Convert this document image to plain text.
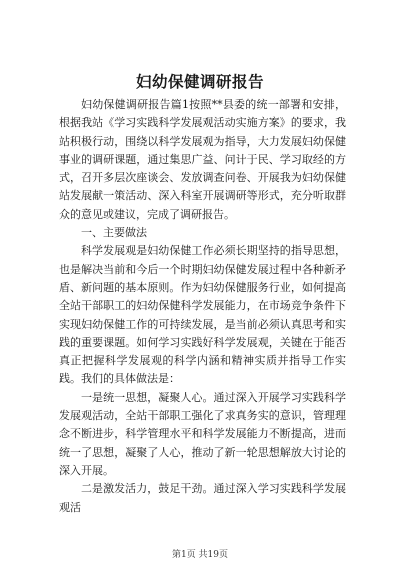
妇幼保健调研报告

妇幼保健调研报告篇1按照**县委的统一部署和安排，根据我站《学习实践科学发展观活动实施方案》的要求，我站积极行动，围绕以科学发展观为指导，大力发展妇幼保健事业的调研课题，通过集思广益、问计于民、学习取经的方式，召开多层次座谈会、发放调查问卷、开展我为妇幼保健站发展献一策活动、深入科室开展调研等形式，充分听取群众的意见或建议，完成了调研报告。

一、主要做法

科学发展观是妇幼保健工作必须长期坚持的指导思想，也是解决当前和今后一个时期妇幼保健发展过程中各种新矛盾、新问题的基本原则。作为妇幼保健服务行业，如何提高全站干部职工的妇幼保健科学发展能力，在市场竞争条件下实现妇幼保健工作的可持续发展，是当前必须认真思考和实践的重要课题。如何学习实践好科学发展观，关键在于能否真正把握科学发展观的科学内涵和精神实质并指导工作实践。我们的具体做法是：

一是统一思想，凝聚人心。通过深入开展学习实践科学发展观活动，全站干部职工强化了求真务实的意识，管理理念不断进步，科学管理水平和科学发展能力不断提高，进而统一了思想，凝聚了人心，推动了新一轮思想解放大讨论的深入开展。

二是激发活力，鼓足干劲。通过深入学习实践科学发展观活

第1页 共19页
